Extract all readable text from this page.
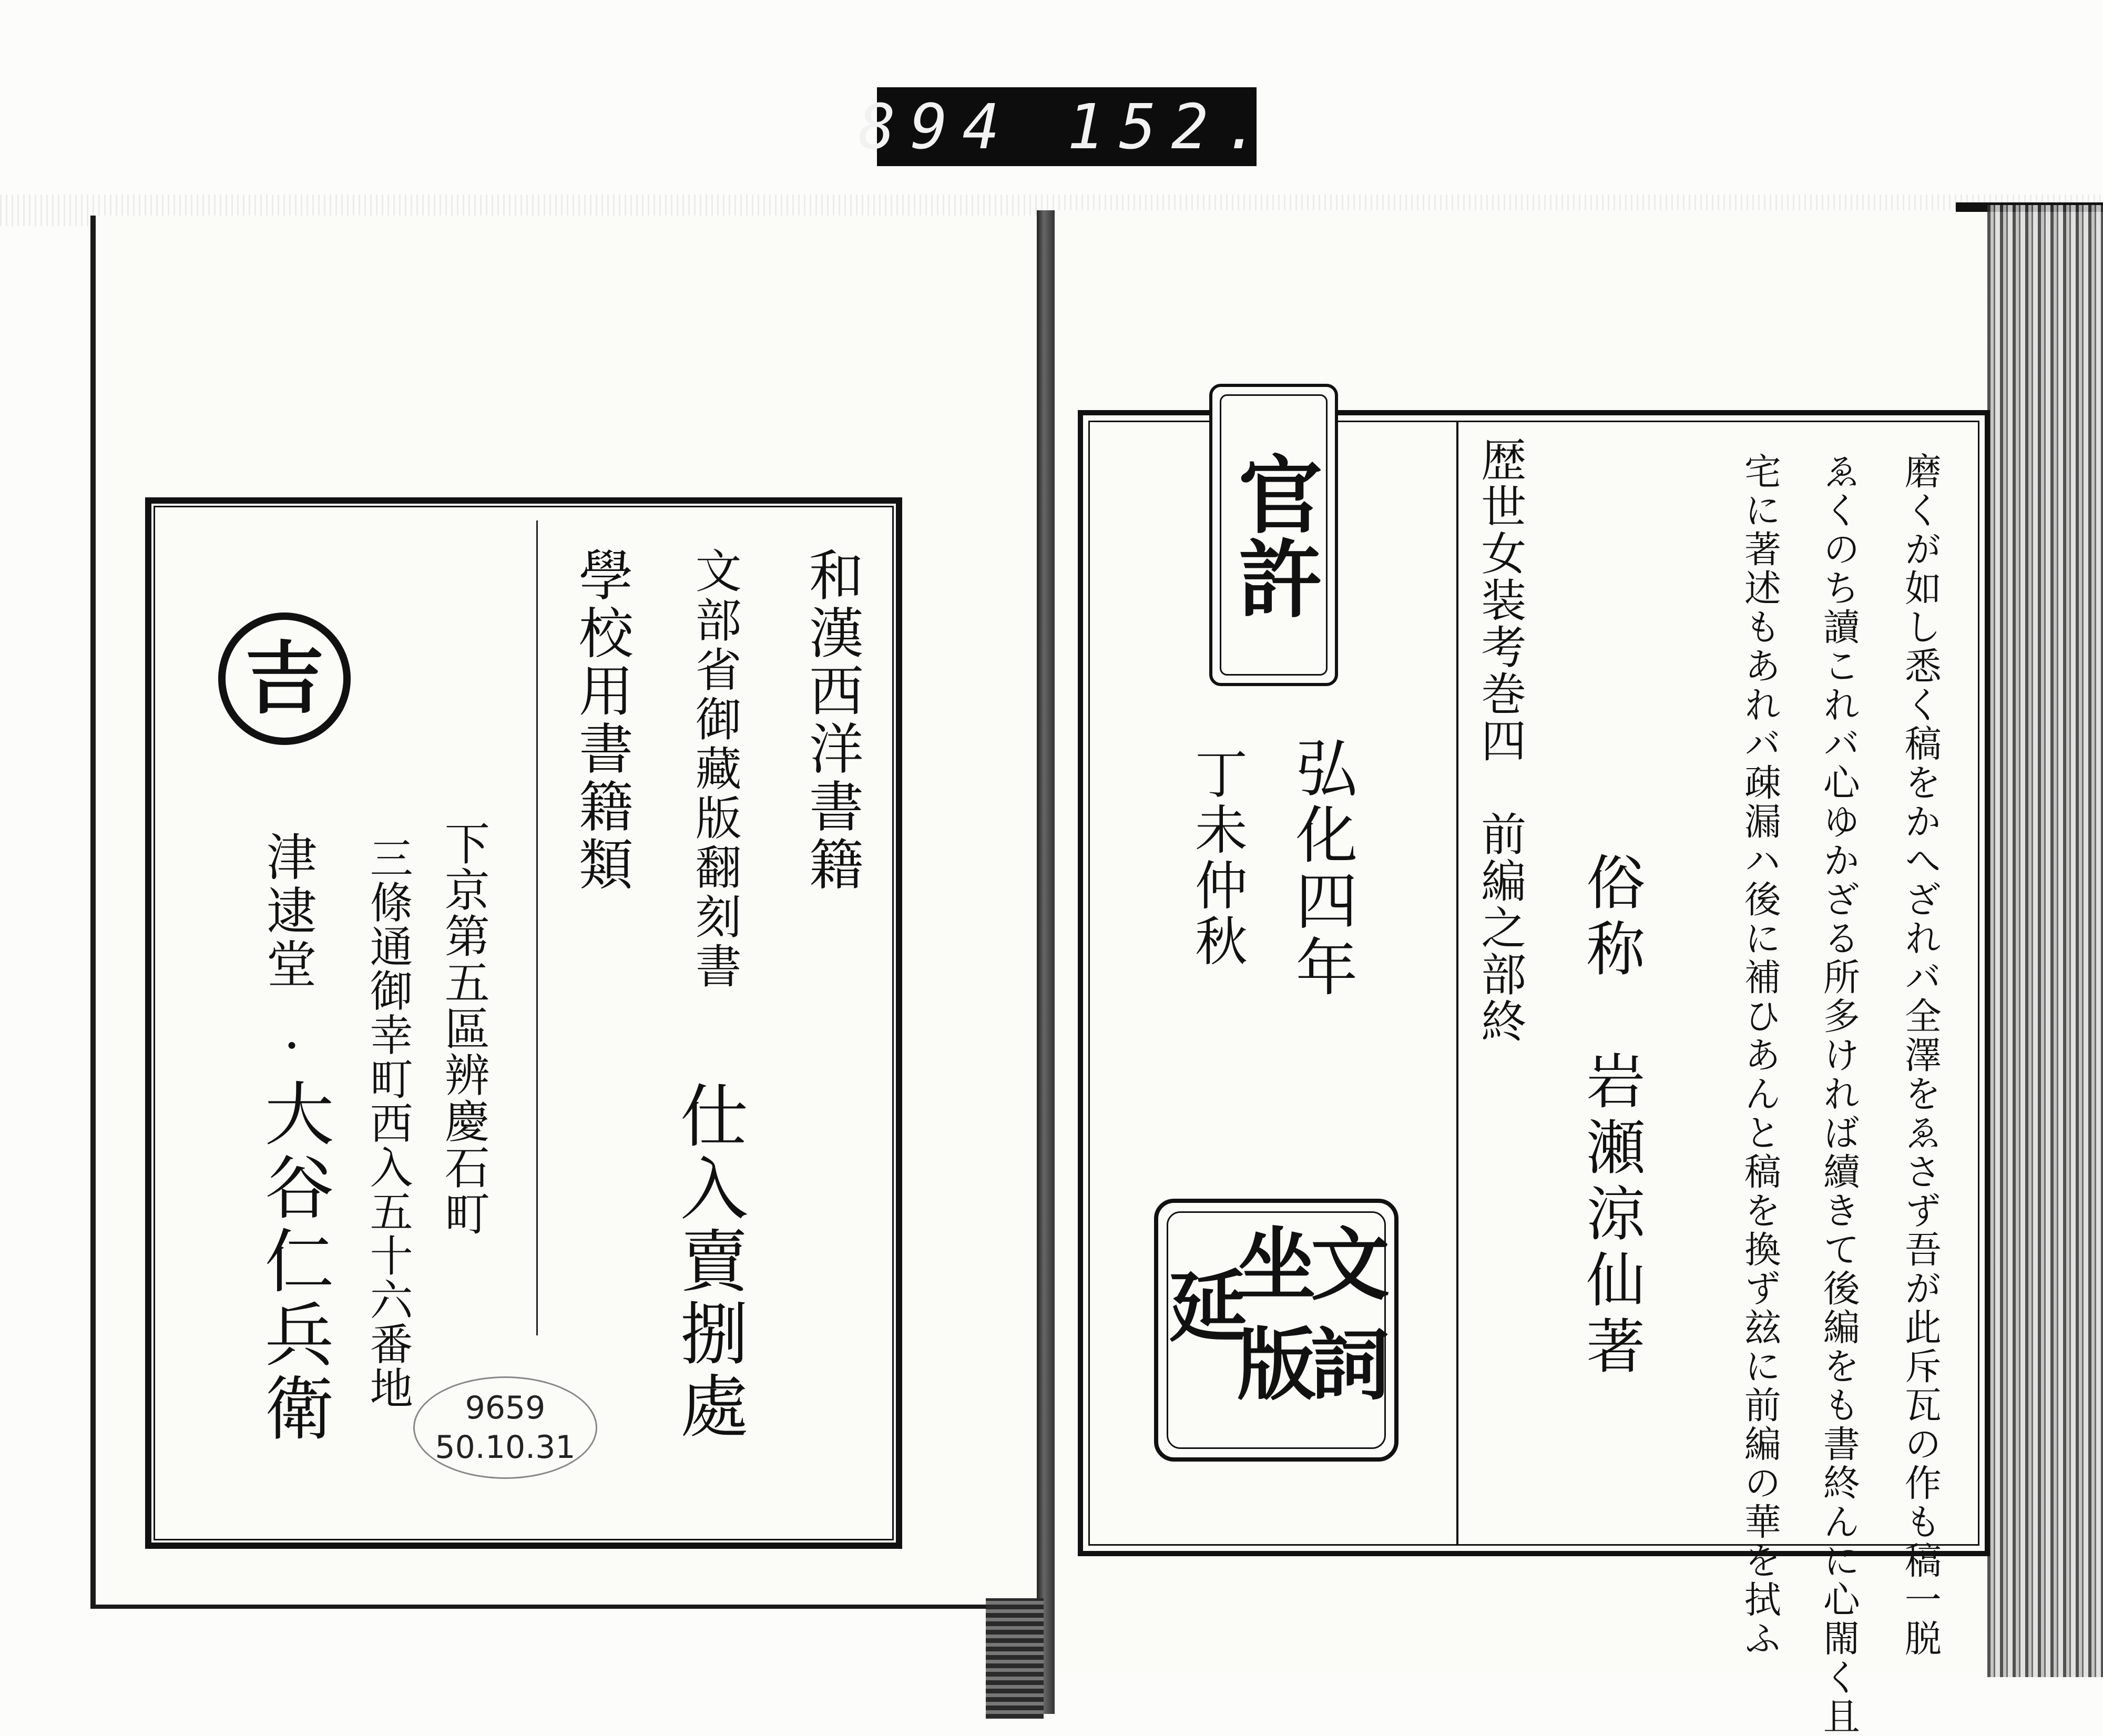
894 152.
吉	和漢西洋書籍
文部省御藏版翻刻書
學校用書籍類
仕入賣捌處
下京第五區辨慶石町
三條通御幸町西入五十六番地
津逮堂
・
大谷仁兵衛	9659
50.10.31
官許
弘化四年
丁未仲秋
文
詞
坐
版
延
歴世女装考巻四　前編之部終
俗称　岩瀬涼仙著	宅に著述もあれバ疎漏ハ後に補ひあんと稿を換ず玆に前編の華を拭ふ ゑくのち讀これバ心ゆかざる所多ければ續きて後編をも書終んに心閙く且 磨くが如し悉く稿をかへざれバ全澤をゑさず吾が此斥瓦の作も稿一脱
